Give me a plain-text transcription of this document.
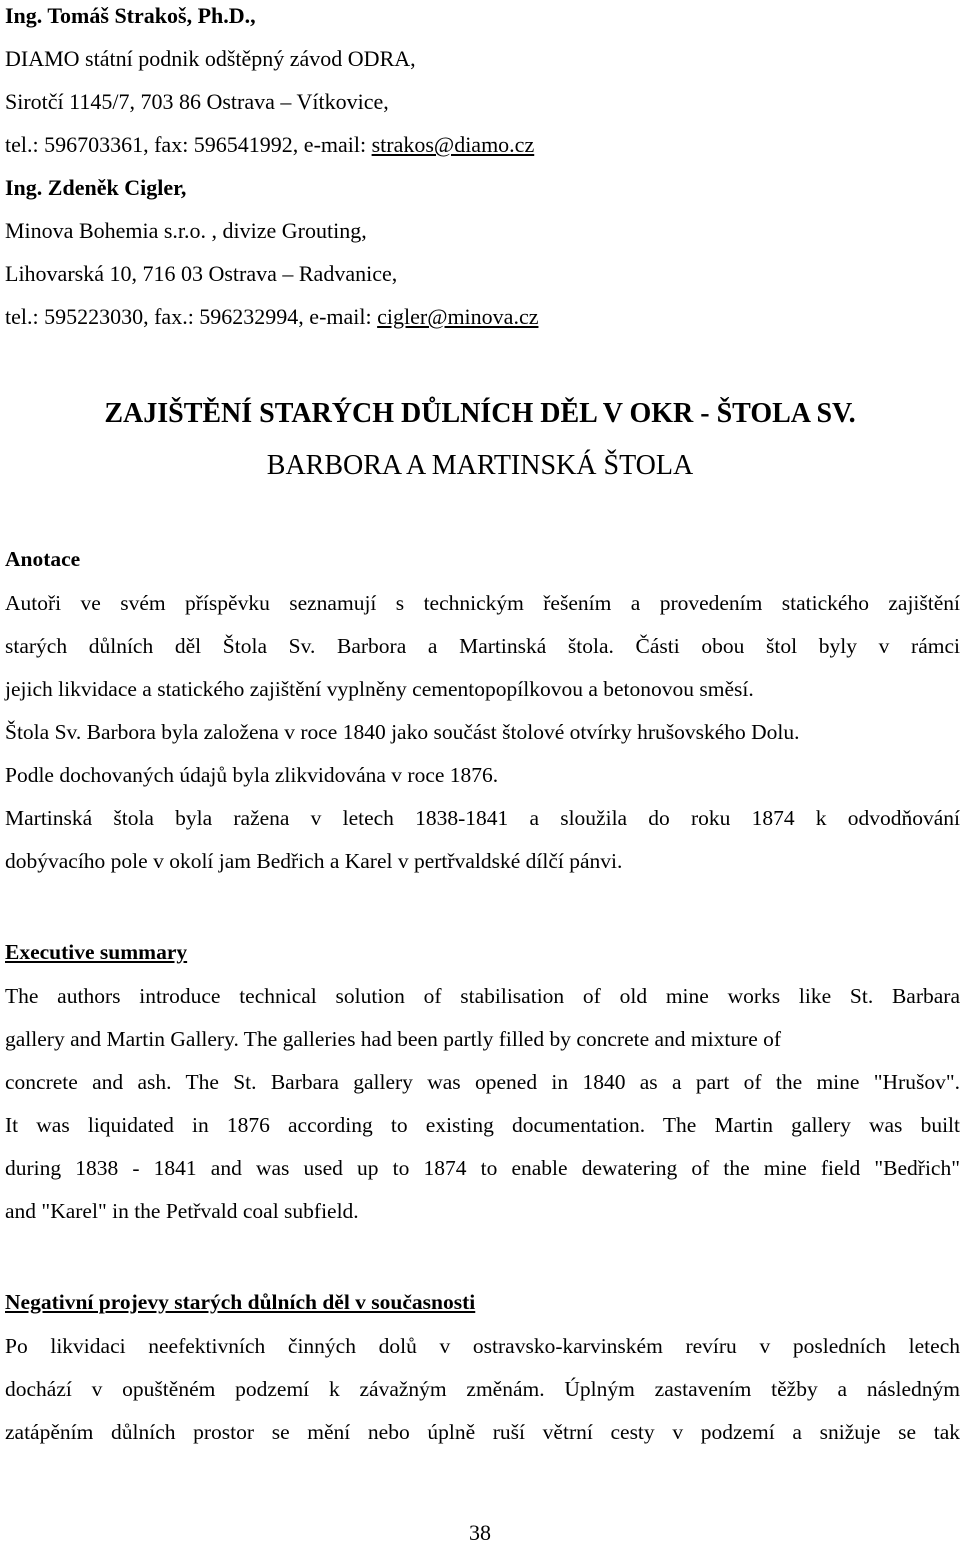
Ing. Tomáš Strakoš, Ph.D.,
DIAMO státní podnik odštěpný závod ODRA,
Sirotčí 1145/7, 703 86 Ostrava – Vítkovice,
tel.: 596703361, fax: 596541992, e-mail: strakos@diamo.cz
Ing. Zdeněk Cigler,
Minova Bohemia s.r.o. , divize Grouting,
Lihovarská 10, 716 03 Ostrava – Radvanice,
tel.: 595223030, fax.: 596232994, e-mail: cigler@minova.cz
ZAJIŠTĚNÍ STARÝCH DŮLNÍCH DĚL V OKR - ŠTOLA SV.
BARBORA A MARTINSKÁ ŠTOLA
Anotace
Autoři ve svém příspěvku seznamují s technickým řešením a provedením statického zajištění
starých důlních děl Štola Sv. Barbora a Martinská štola. Části obou štol byly v rámci
jejich likvidace a statického zajištění vyplněny cementopopílkovou a betonovou směsí.
Štola Sv. Barbora byla založena v roce 1840 jako součást štolové otvírky hrušovského Dolu.
Podle dochovaných údajů byla zlikvidována v roce 1876.
Martinská štola byla ražena v letech 1838-1841 a sloužila do roku 1874 k odvodňování
dobývacího pole v okolí jam Bedřich a Karel v pertřvaldské dílčí pánvi.
Executive summary
The authors introduce technical solution of stabilisation of old mine works like St. Barbara
gallery and Martin Gallery. The galleries had been partly filled by concrete and mixture of
concrete and ash. The St. Barbara gallery was opened in 1840 as a part of the mine "Hrušov".
It was liquidated in 1876 according to existing documentation. The Martin gallery was built
during 1838 - 1841 and was used up to 1874 to enable dewatering of the mine field "Bedřich"
and "Karel" in the Petřvald coal subfield.
Negativní projevy starých důlních děl v současnosti
Po likvidaci neefektivních činných dolů v ostravsko-karvinském revíru v posledních letech
dochází v opuštěném podzemí k závažným změnám. Úplným zastavením těžby a následným
zatápěním důlních prostor se mění nebo úplně ruší větrní cesty v podzemí a snižuje se tak
38
